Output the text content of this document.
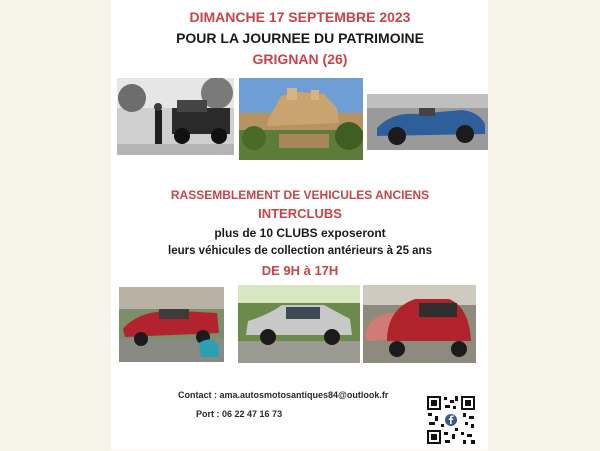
DIMANCHE 17 SEPTEMBRE 2023
POUR LA JOURNEE DU PATRIMOINE
GRIGNAN (26)
RASSEMBLEMENT DE VEHICULES ANCIENS
INTERCLUBS
plus de 10 CLUBS exposeront
leurs véhicules de collection antérieurs à 25 ans
DE 9H à 17H
Contact : ama.autosmotosantiques84@outlook.fr
Port : 06 22 47 16 73
